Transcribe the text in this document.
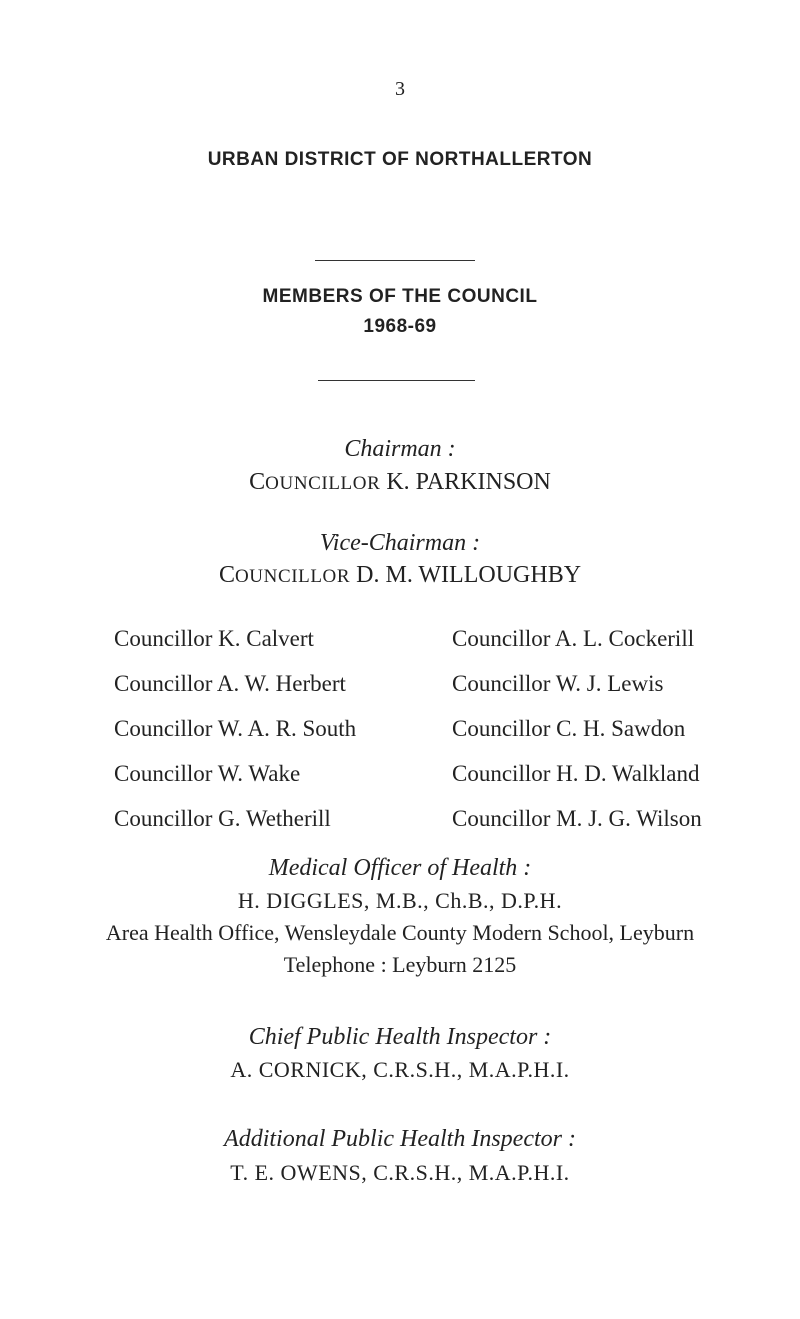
3
URBAN DISTRICT OF NORTHALLERTON
MEMBERS OF THE COUNCIL
1968-69
Chairman :
COUNCILLOR K. PARKINSON
Vice-Chairman :
COUNCILLOR D. M. WILLOUGHBY
Councillor K. Calvert
Councillor A. W. Herbert
Councillor W. A. R. South
Councillor W. Wake
Councillor G. Wetherill
Councillor A. L. Cockerill
Councillor W. J. Lewis
Councillor C. H. Sawdon
Councillor H. D. Walkland
Councillor M. J. G. Wilson
Medical Officer of Health :
H. DIGGLES, M.B., Ch.B., D.P.H.
Area Health Office, Wensleydale County Modern School, Leyburn
Telephone : Leyburn 2125
Chief Public Health Inspector :
A. CORNICK, C.R.S.H., M.A.P.H.I.
Additional Public Health Inspector :
T. E. OWENS, C.R.S.H., M.A.P.H.I.
